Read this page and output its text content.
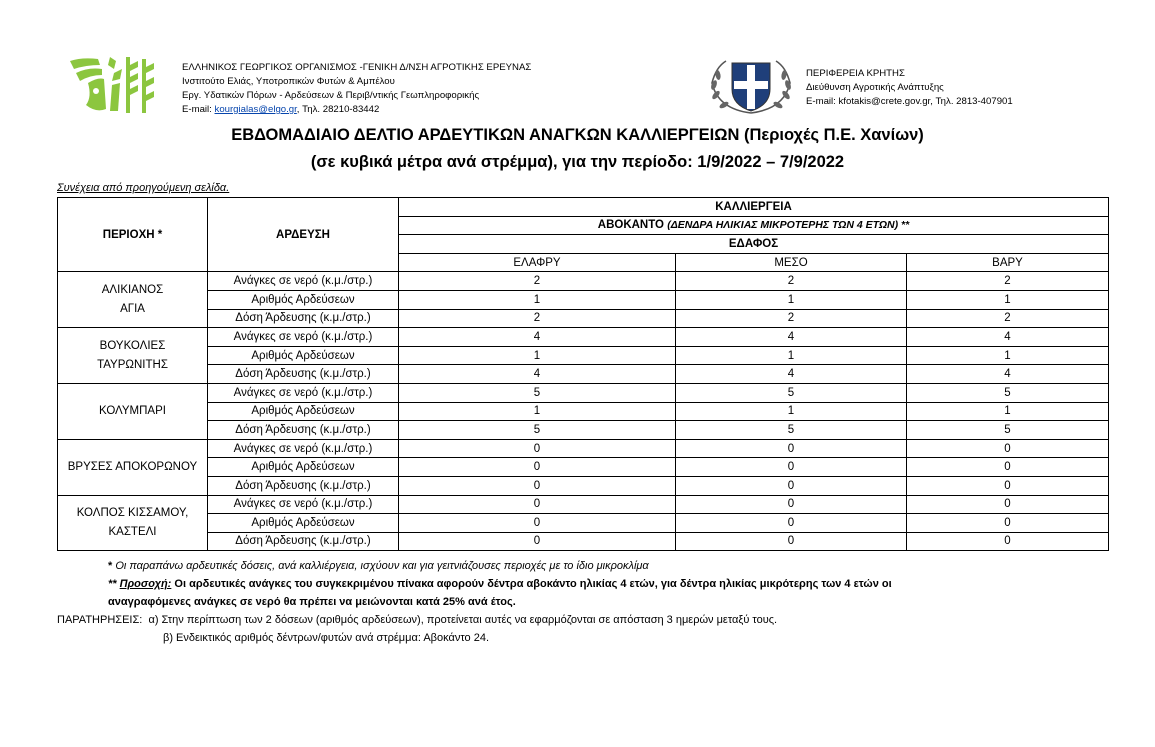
ΕΛΛΗΝΙΚΟΣ ΓΕΩΡΓΙΚΟΣ ΟΡΓΑΝΙΣΜΟΣ -ΓΕΝΙΚΗ Δ/ΝΣΗ ΑΓΡΟΤΙΚΗΣ ΕΡΕΥΝΑΣ
Ινστιτούτο Ελιάς, Υποτροπικών Φυτών & Αμπέλου
Εργ. Υδατικών Πόρων - Αρδεύσεων & Περιβ/ντικής Γεωπληροφορικής
E-mail: kourgialas@elgo.gr, Τηλ. 28210-83442
ΠΕΡΙΦΕΡΕΙΑ ΚΡΗΤΗΣ
Διεύθυνση Αγροτικής Ανάπτυξης
E-mail: kfotakis@crete.gov.gr, Τηλ. 2813-407901
ΕΒΔΟΜΑΔΙΑΙΟ ΔΕΛΤΙΟ ΑΡΔΕΥΤΙΚΩΝ ΑΝΑΓΚΩΝ ΚΑΛΛΙΕΡΓΕΙΩΝ (Περιοχές Π.Ε. Χανίων)
(σε κυβικά μέτρα ανά στρέμμα), για την περίοδο: 1/9/2022 – 7/9/2022
Συνέχεια από προηγούμενη σελίδα.
ΠΕΡΙΟΧΗ *	ΑΡΔΕΥΣΗ	ΚΑΛΛΙΕΡΓΕΙΑ		
		ΑΒΟΚΑΝΤΟ (ΔΕΝΔΡΑ ΗΛΙΚΙΑΣ ΜΙΚΡΟΤΕΡΗΣ ΤΩΝ 4 ΕΤΩΝ) **		
		ΕΔΑΦΟΣ		
		ΕΛΑΦΡΥ	ΜΕΣΟ	ΒΑΡΥ

ΑΛΙΚΙΑΝΟΣ
ΑΓΙΑ	Ανάγκες σε νερό (κ.μ./στρ.)	2	2	2
	Αριθμός Αρδεύσεων	1	1	1
	Δόση Άρδευσης (κ.μ./στρ.)	2	2	2

ΒΟΥΚΟΛΙΕΣ
ΤΑΥΡΩΝΙΤΗΣ	Ανάγκες σε νερό (κ.μ./στρ.)	4	4	4
	Αριθμός Αρδεύσεων	1	1	1
	Δόση Άρδευσης (κ.μ./στρ.)	4	4	4

ΚΟΛΥΜΠΑΡΙ	Ανάγκες σε νερό (κ.μ./στρ.)	5	5	5
	Αριθμός Αρδεύσεων	1	1	1
	Δόση Άρδευσης (κ.μ./στρ.)	5	5	5

ΒΡΥΣΕΣ ΑΠΟΚΟΡΩΝΟΥ	Ανάγκες σε νερό (κ.μ./στρ.)	0	0	0
	Αριθμός Αρδεύσεων	0	0	0
	Δόση Άρδευσης (κ.μ./στρ.)	0	0	0

ΚΟΛΠΟΣ ΚΙΣΣΑΜΟΥ,
ΚΑΣΤΕΛΙ	Ανάγκες σε νερό (κ.μ./στρ.)	0	0	0
	Αριθμός Αρδεύσεων	0	0	0
	Δόση Άρδευσης (κ.μ./στρ.)	0	0	0
* Οι παραπάνω αρδευτικές δόσεις, ανά καλλιέργεια, ισχύουν και για γειτνιάζουσες περιοχές με το ίδιο μικροκλίμα
** Προσοχή: Οι αρδευτικές ανάγκες του συγκεκριμένου πίνακα αφορούν δέντρα αβοκάντο ηλικίας 4 ετών, για δέντρα ηλικίας μικρότερης των 4 ετών οι
αναγραφόμενες ανάγκες σε νερό θα πρέπει να μειώνονται κατά 25% ανά έτος.
ΠΑΡΑΤΗΡΗΣΕΙΣ: α) Στην περίπτωση των 2 δόσεων (αριθμός αρδεύσεων), προτείνεται αυτές να εφαρμόζονται σε απόσταση 3 ημερών μεταξύ τους.
β) Ενδεικτικός αριθμός δέντρων/φυτών ανά στρέμμα: Αβοκάντο 24.
